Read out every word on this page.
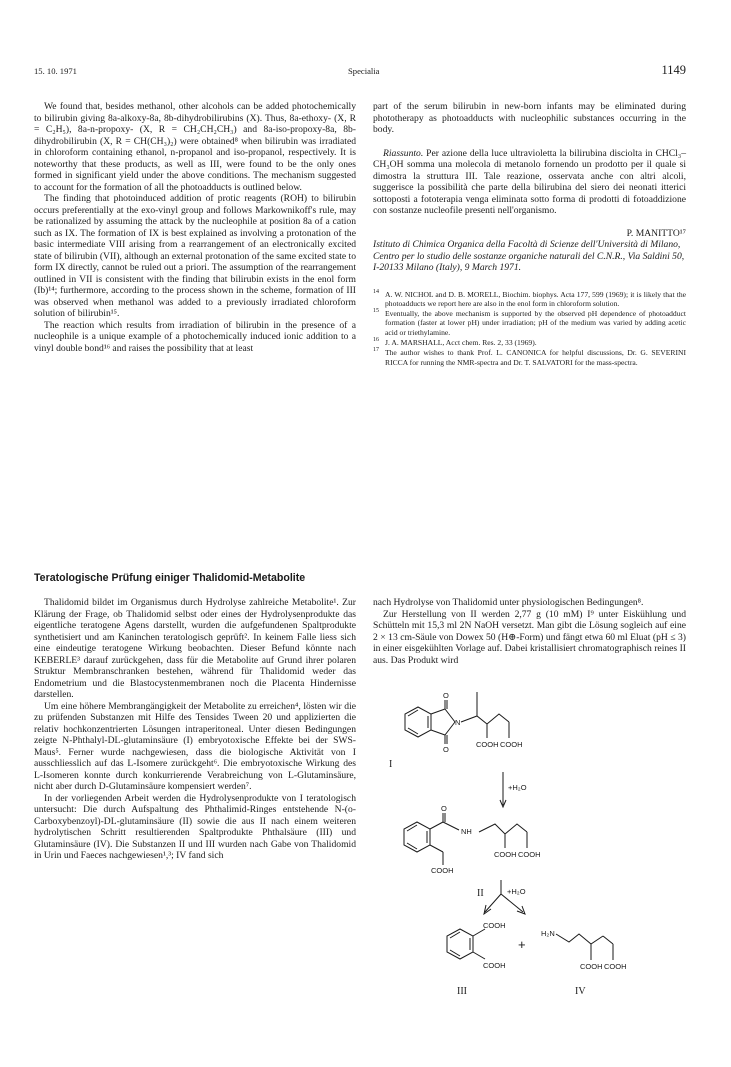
15. 10. 1971	Specialia	1149

We found that, besides methanol, other alcohols can be added photochemically to bilirubin giving 8a-alkoxy-8a, 8b-dihydrobilirubins (X). Thus, 8a-ethoxy- (X, R = C₂H₅), 8a-n-propoxy- (X, R = CH₂CH₂CH₃) and 8a-iso-propoxy-8a, 8b-dihydrobilirubin (X, R = CH(CH₃)₂) were obtained⁸ when bilirubin was irradiated in chloroform containing ethanol, n-propanol and iso-propanol, respectively. It is noteworthy that these products, as well as III, were found to be the only ones formed in significant yield under the above conditions. The mechanism suggested to account for the formation of all the photoadducts is outlined below.

The finding that photoinduced addition of protic reagents (ROH) to bilirubin occurs preferentially at the exo-vinyl group and follows Markownikoff's rule, may be rationalized by assuming the attack by the nucleophile at position 8a of a cation such as IX. The formation of IX is best explained as involving a protonation of the basic intermediate VIII arising from a rearrangement of an electronically excited state of bilirubin (VII), although an external protonation of the same excited state to form IX directly, cannot be ruled out a priori. The assumption of the rearrangement outlined in VII is consistent with the finding that bilirubin exists in the enol form (Ib)¹⁴; furthermore, according to the process shown in the scheme, formation of III was observed when methanol was added to a previously irradiated chloroform solution of bilirubin¹⁵.

The reaction which results from irradiation of bilirubin in the presence of a nucleophile is a unique example of a photochemically induced ionic addition to a vinyl double bond¹⁶ and raises the possibility that at least

part of the serum bilirubin in new-born infants may be eliminated during phototherapy as photoadducts with nucleophilic substances occurring in the body.

Riassunto. Per azione della luce ultravioletta la bilirubina disciolta in CHCl₃–CH₃OH somma una molecola di metanolo fornendo un prodotto per il quale si dimostra la struttura III. Tale reazione, osservata anche con altri alcoli, suggerisce la possibilità che parte della bilirubina del siero dei neonati itterici sottoposti a fototerapia venga eliminata sotto forma di prodotti di fotoaddizione con sostanze nucleofile presenti nell'organismo.

P. MANITTO¹⁷

Istituto di Chimica Organica della Facoltà di Scienze dell'Università di Milano, Centro per lo studio delle sostanze organiche naturali del C.N.R., Via Saldini 50, I-20133 Milano (Italy), 9 March 1971.

14 A. W. NICHOL and D. B. MORELL, Biochim. biophys. Acta 177, 599 (1969); it is likely that the photoadducts we report here are also in the enol form in chloroform solution.
15 Eventually, the above mechanism is supported by the observed pH dependence of photoadduct formation (faster at lower pH) under irradiation; pH of the medium was varied by adding acetic acid or triethylamine.
16 J. A. MARSHALL, Acct chem. Res. 2, 33 (1969).
17 The author wishes to thank Prof. L. CANONICA for helpful discussions, Dr. G. SEVERINI RICCA for running the NMR-spectra and Dr. T. SALVATORI for the mass-spectra.
Teratologische Prüfung einiger Thalidomid-Metabolite

Thalidomid bildet im Organismus durch Hydrolyse zahlreiche Metabolite¹. Zur Klärung der Frage, ob Thalidomid selbst oder eines der Hydrolysenprodukte das eigentliche teratogene Agens darstellt, wurden die aufgefundenen Spaltprodukte synthetisiert und am Kaninchen teratologisch geprüft². In keinem Falle liess sich eine eindeutige teratogene Wirkung beobachten. Dieser Befund könnte nach KEBERLE³ darauf zurückgehen, dass für die Metabolite auf Grund ihrer polaren Struktur Membranschranken bestehen, während für Thalidomid weder das Endometrium und die Blastocystenmembranen noch die Placenta Hindernisse darstellen.

Um eine höhere Membrangängigkeit der Metabolite zu erreichen⁴, lösten wir die zu prüfenden Substanzen mit Hilfe des Tensides Tween 20 und applizierten die relativ hochkonzentrierten Lösungen intraperitoneal. Unter diesen Bedingungen zeigte N-Phthalyl-DL-glutaminsäure (I) embryotoxische Effekte bei der SWS-Maus⁵. Ferner wurde nachgewiesen, dass die biologische Aktivität von I ausschliesslich auf das L-Isomere zurückgeht⁶. Die embryotoxische Wirkung des L-Isomeren konnte durch konkurrierende Verabreichung von L-Glutaminsäure, nicht aber durch D-Glutaminsäure kompensiert werden⁷.

In der vorliegenden Arbeit werden die Hydrolysenprodukte von I teratologisch untersucht: Die durch Aufspaltung des Phthalimid-Ringes entstehende N-(o-Carboxybenzoyl)-DL-glutaminsäure (II) sowie die aus II nach einem weiteren hydrolytischen Schritt resultierenden Spaltprodukte Phthalsäure (III) und Glutaminsäure (IV). Die Substanzen II und III wurden nach Gabe von Thalidomid in Urin und Faeces nachgewiesen¹,³; IV fand sich

nach Hydrolyse von Thalidomid unter physiologischen Bedingungen⁸.

Zur Herstellung von II werden 2,77 g (10 mM) I⁹ unter Eiskühlung und Schütteln mit 15,3 ml 2N NaOH versetzt. Man gibt die Lösung sogleich auf eine 2 × 13 cm-Säule von Dowex 50 (H⊕-Form) und fängt etwa 60 ml Eluat (pH ≤ 3) in einer eisgekühlten Vorlage auf. Dabei kristallisiert chromatographisch reines II aus. Das Produkt wird

O
O
N
COOH COOH
I
+H₂O
O
NH
COOH COOH
COOH
II	+H₂O
COOH
COOH
+
H₂N
COOH COOH
III	IV
